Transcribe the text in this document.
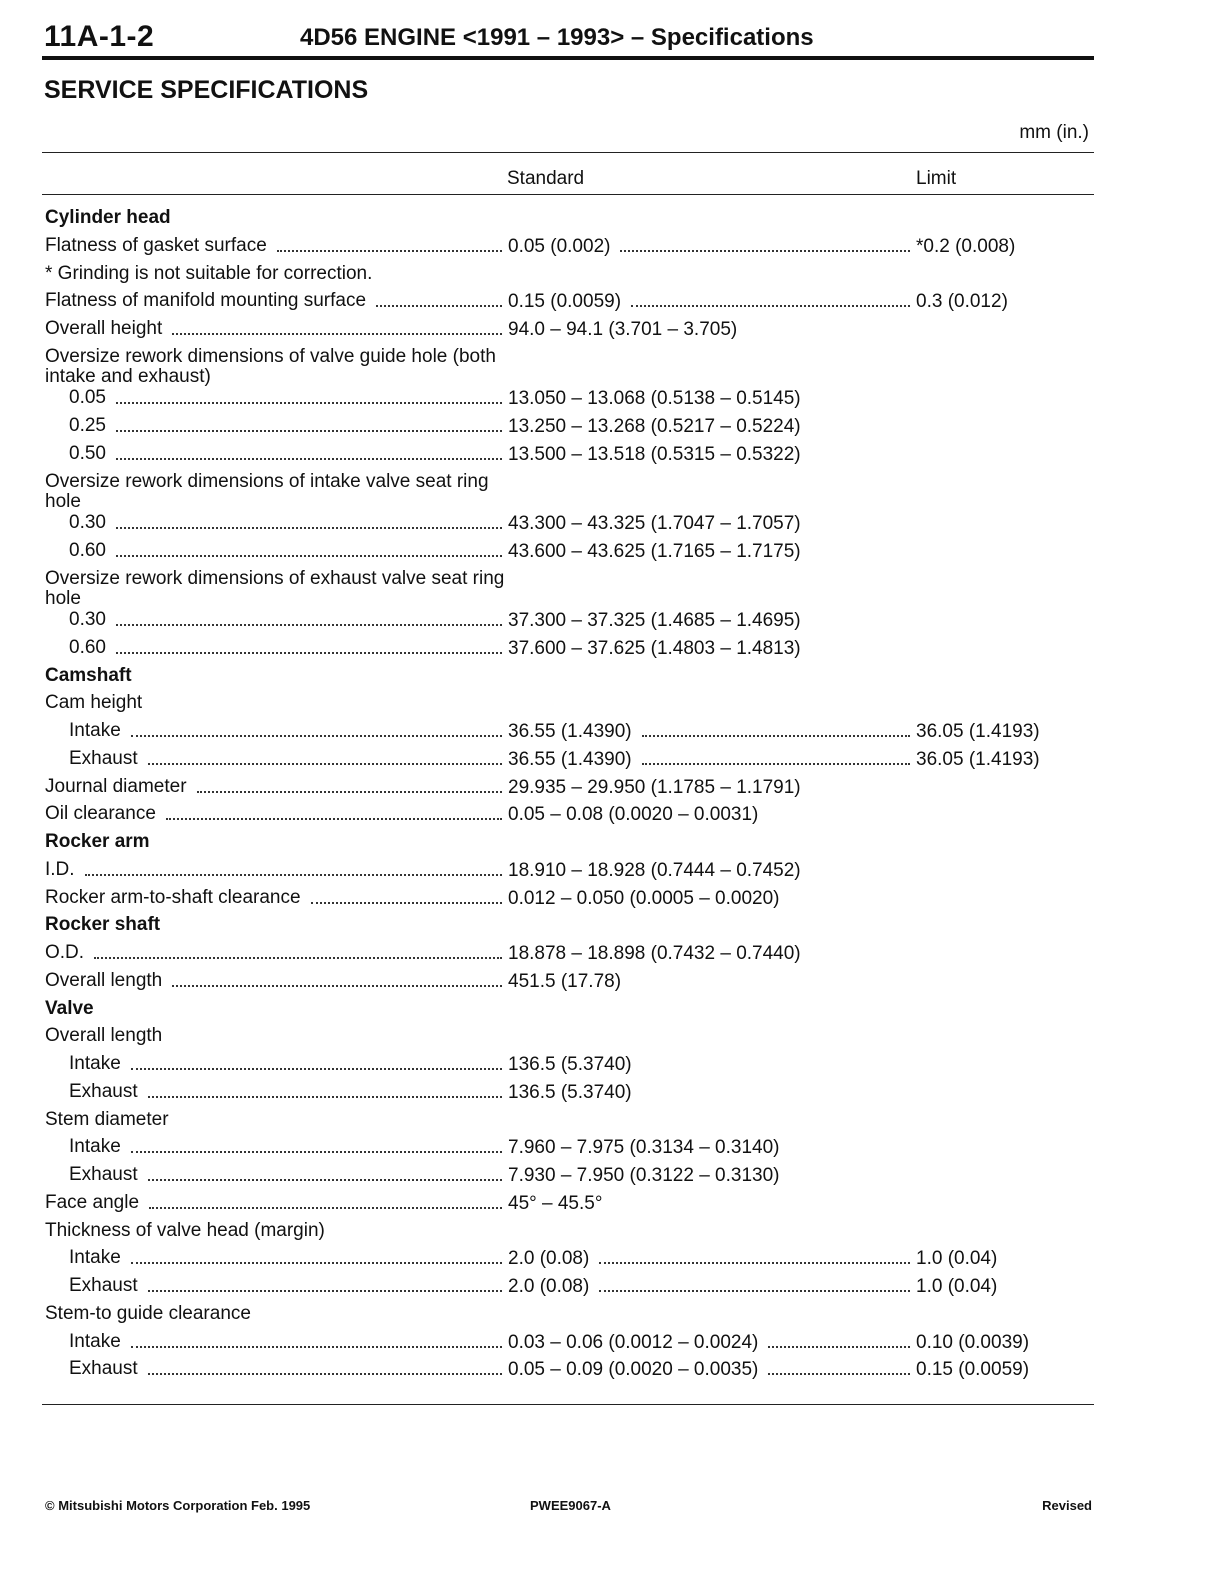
11A-1-2	4D56 ENGINE <1991 – 1993> – Specifications
SERVICE SPECIFICATIONS
mm (in.)
Standard	Limit
Cylinder head
Flatness of gasket surface	0.05 (0.002)	*0.2 (0.008)
* Grinding is not suitable for correction.
Flatness of manifold mounting surface	0.15 (0.0059)	0.3 (0.012)
Overall height	94.0 – 94.1 (3.701 – 3.705)
Oversize rework dimensions of valve guide hole (both intake and exhaust)
0.05	13.050 – 13.068 (0.5138 – 0.5145)
0.25	13.250 – 13.268 (0.5217 – 0.5224)
0.50	13.500 – 13.518 (0.5315 – 0.5322)
Oversize rework dimensions of intake valve seat ring hole
0.30	43.300 – 43.325 (1.7047 – 1.7057)
0.60	43.600 – 43.625 (1.7165 – 1.7175)
Oversize rework dimensions of exhaust valve seat ring hole
0.30	37.300 – 37.325 (1.4685 – 1.4695)
0.60	37.600 – 37.625 (1.4803 – 1.4813)
Camshaft
Cam height
Intake	36.55 (1.4390)	36.05 (1.4193)
Exhaust	36.55 (1.4390)	36.05 (1.4193)
Journal diameter	29.935 – 29.950 (1.1785 – 1.1791)
Oil clearance	0.05 – 0.08 (0.0020 – 0.0031)
Rocker arm
I.D.	18.910 – 18.928 (0.7444 – 0.7452)
Rocker arm-to-shaft clearance	0.012 – 0.050 (0.0005 – 0.0020)
Rocker shaft
O.D.	18.878 – 18.898 (0.7432 – 0.7440)
Overall length	451.5 (17.78)
Valve
Overall length
Intake	136.5 (5.3740)
Exhaust	136.5 (5.3740)
Stem diameter
Intake	7.960 – 7.975 (0.3134 – 0.3140)
Exhaust	7.930 – 7.950 (0.3122 – 0.3130)
Face angle	45° – 45.5°
Thickness of valve head (margin)
Intake	2.0 (0.08)	1.0 (0.04)
Exhaust	2.0 (0.08)	1.0 (0.04)
Stem-to guide clearance
Intake	0.03 – 0.06 (0.0012 – 0.0024)	0.10 (0.0039)
Exhaust	0.05 – 0.09 (0.0020 – 0.0035)	0.15 (0.0059)
© Mitsubishi Motors Corporation Feb. 1995	PWEE9067-A	Revised
